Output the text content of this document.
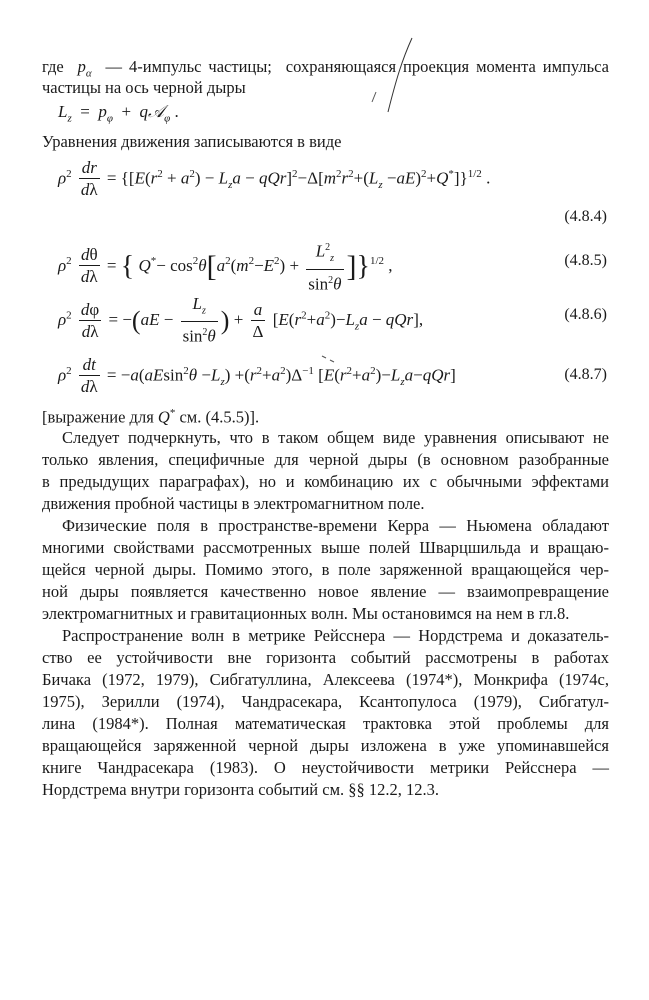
где  $p_\alpha$  — 4-импульс частицы;  сохраняющаяся проекция момента импульса
частицы на ось черной дыры
$L_z = p_\varphi$  +  q𝒜$_\varphi$ .
Уравнения движения записываются в виде
$\rho^2 \frac{dr}{d\lambda} = \{[E(r^2 + a^2) - L_za - qQr]^2-\Delta[m^2r^2+(L_z -aE)^2+Q^*]\}^{1/2}$ .
(4.8.4)
$\rho^2 \frac{d\theta}{d\lambda}$ = { $Q^*- \cos^2\theta[a^2(m^2-E^2) + \frac{L^2_z}{\sin^2\theta} ]\}^{1/2}$ ,	(4.8.5)
$\rho^2 \frac{d\varphi}{d\lambda} = -(aE - \frac{L_z}{\sin^2\theta}$ ) + $\frac{a}{\Delta} [E(r^2+a^2)-L_za - qQr]$,	(4.8.6)
$\rho^2 \frac{dt}{d\lambda} = -a(aEsin^2\theta -L_z) +(r^2+a^2)\Delta^{-1}$ $[E(r^2+a^2)-L_za-qQr]$	(4.8.7)
[выражение для Q* см. (4.5.5)].
Следует подчеркнуть, что в таком общем виде уравнения описывают не
только явления, специфичные для черной дыры (в основном разобранные
в предыдущих параграфах), но и комбинацию их с обычными эффектами
движения пробной частицы в электромагнитном поле.
Физические поля в пространстве-времени Керра — Ньюмена обладают
многими свойствами рассмотренных выше полей Шварцшильда и вращаю-
щейся черной дыры. Помимо этого, в поле заряженной вращающейся чер-
ной дыры появляется качественно новое явление — взаимопревращение
электромагнитных и гравитационных волн. Мы остановимся на нем в гл.8.
Распространение волн в метрике Рейсснера — Нордстрема и доказатель-
ство ее устойчивости вне горизонта событий рассмотрены в работах
Бичака (1972, 1979), Сибгатуллина, Алексеева (1974*), Монкрифа (1974c,
1975), Зерилли (1974), Чандрасекара, Ксантопулоса (1979), Сибгатул-
лина (1984*). Полная математическая трактовка этой проблемы для
вращающейся заряженной черной дыры изложена в уже упоминавшейся
книге Чандрасекара (1983). О неустойчивости метрики Рейсснера —
Нордстрема внутри горизонта событий см. §§ 12.2, 12.3.
